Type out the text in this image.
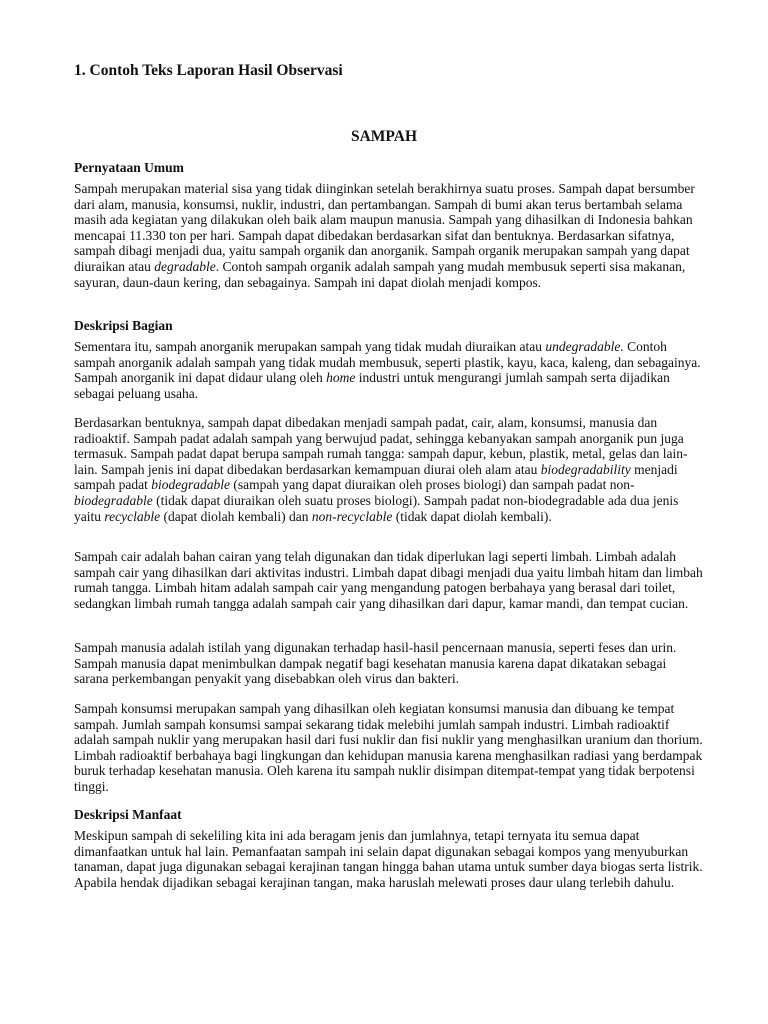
1. Contoh Teks Laporan Hasil Observasi
SAMPAH
Pernyataan Umum

Sampah merupakan material sisa yang tidak diinginkan setelah berakhirnya suatu proses. Sampah dapat bersumber dari alam, manusia, konsumsi, nuklir, industri, dan pertambangan. Sampah di bumi akan terus bertambah selama masih ada kegiatan yang dilakukan oleh baik alam maupun manusia. Sampah yang dihasilkan di Indonesia bahkan mencapai 11.330 ton per hari. Sampah dapat dibedakan berdasarkan sifat dan bentuknya. Berdasarkan sifatnya, sampah dibagi menjadi dua, yaitu sampah organik dan anorganik. Sampah organik merupakan sampah yang dapat diuraikan atau degradable. Contoh sampah organik adalah sampah yang mudah membusuk seperti sisa makanan, sayuran, daun-daun kering, dan sebagainya. Sampah ini dapat diolah menjadi kompos.

Deskripsi Bagian

Sementara itu, sampah anorganik merupakan sampah yang tidak mudah diuraikan atau undegradable. Contoh sampah anorganik adalah sampah yang tidak mudah membusuk, seperti plastik, kayu, kaca, kaleng, dan sebagainya. Sampah anorganik ini dapat didaur ulang oleh home industri untuk mengurangi jumlah sampah serta dijadikan sebagai peluang usaha.

Berdasarkan bentuknya, sampah dapat dibedakan menjadi sampah padat, cair, alam, konsumsi, manusia dan radioaktif. Sampah padat adalah sampah yang berwujud padat, sehingga kebanyakan sampah anorganik pun juga termasuk. Sampah padat dapat berupa sampah rumah tangga: sampah dapur, kebun, plastik, metal, gelas dan lain-lain. Sampah jenis ini dapat dibedakan berdasarkan kemampuan diurai oleh alam atau biodegradability menjadi sampah padat biodegradable (sampah yang dapat diuraikan oleh proses biologi) dan sampah padat non-biodegradable (tidak dapat diuraikan oleh suatu proses biologi). Sampah padat non-biodegradable ada dua jenis yaitu recyclable (dapat diolah kembali) dan non-recyclable (tidak dapat diolah kembali).

Sampah cair adalah bahan cairan yang telah digunakan dan tidak diperlukan lagi seperti limbah. Limbah adalah sampah cair yang dihasilkan dari aktivitas industri. Limbah dapat dibagi menjadi dua yaitu limbah hitam dan limbah rumah tangga. Limbah hitam adalah sampah cair yang mengandung patogen berbahaya yang berasal dari toilet, sedangkan limbah rumah tangga adalah sampah cair yang dihasilkan dari dapur, kamar mandi, dan tempat cucian.

Sampah manusia adalah istilah yang digunakan terhadap hasil-hasil pencernaan manusia, seperti feses dan urin. Sampah manusia dapat menimbulkan dampak negatif bagi kesehatan manusia karena dapat dikatakan sebagai sarana perkembangan penyakit yang disebabkan oleh virus dan bakteri.

Sampah konsumsi merupakan sampah yang dihasilkan oleh kegiatan konsumsi manusia dan dibuang ke tempat sampah. Jumlah sampah konsumsi sampai sekarang tidak melebihi jumlah sampah industri. Limbah radioaktif adalah sampah nuklir yang merupakan hasil dari fusi nuklir dan fisi nuklir yang menghasilkan uranium dan thorium. Limbah radioaktif berbahaya bagi lingkungan dan kehidupan manusia karena menghasilkan radiasi yang berdampak buruk terhadap kesehatan manusia. Oleh karena itu sampah nuklir disimpan ditempat-tempat yang tidak berpotensi tinggi.

Deskripsi Manfaat

Meskipun sampah di sekeliling kita ini ada beragam jenis dan jumlahnya, tetapi ternyata itu semua dapat dimanfaatkan untuk hal lain. Pemanfaatan sampah ini selain dapat digunakan sebagai kompos yang menyuburkan tanaman, dapat juga digunakan sebagai kerajinan tangan hingga bahan utama untuk sumber daya biogas serta listrik. Apabila hendak dijadikan sebagai kerajinan tangan, maka haruslah melewati proses daur ulang terlebih dahulu.
